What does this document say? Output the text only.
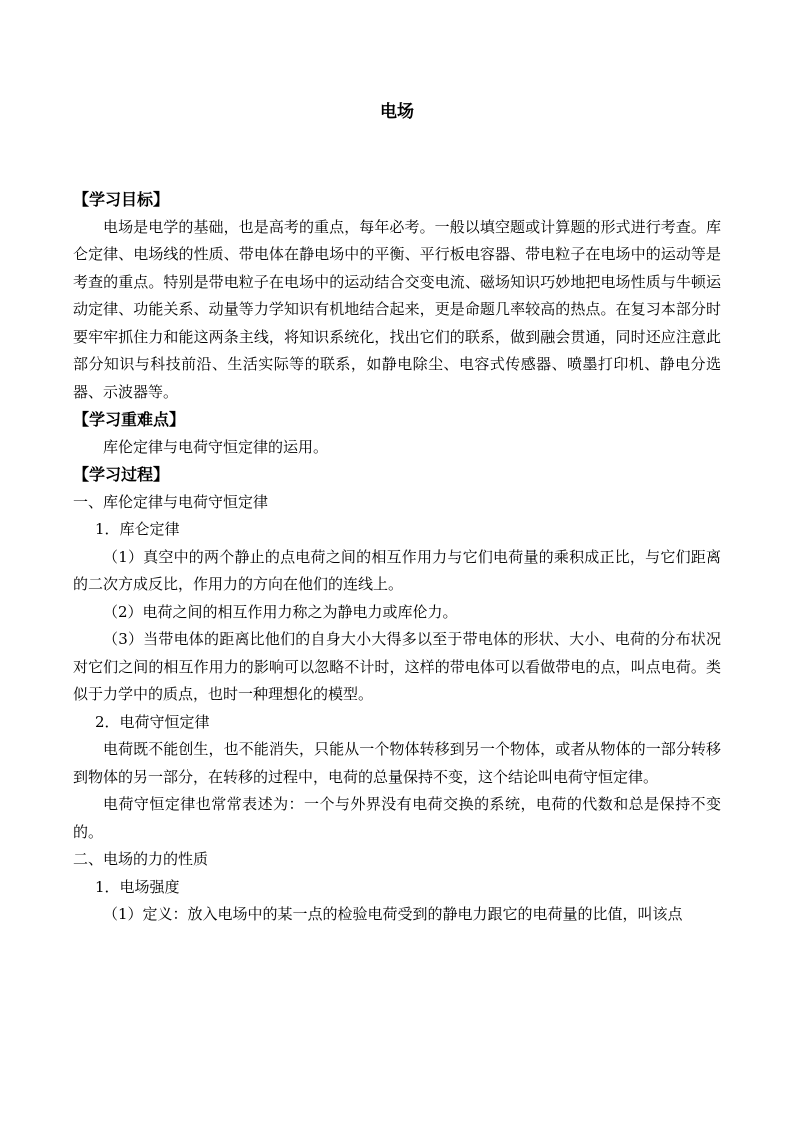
电场

【学习目标】

电场是电学的基础，也是高考的重点，每年必考。一般以填空题或计算题的形式进行考查。库仑定律、电场线的性质、带电体在静电场中的平衡、平行板电容器、带电粒子在电场中的运动等是考查的重点。特别是带电粒子在电场中的运动结合交变电流、磁场知识巧妙地把电场性质与牛顿运动定律、功能关系、动量等力学知识有机地结合起来，更是命题几率较高的热点。在复习本部分时要牢牢抓住力和能这两条主线，将知识系统化，找出它们的联系，做到融会贯通，同时还应注意此部分知识与科技前沿、生活实际等的联系，如静电除尘、电容式传感器、喷墨打印机、静电分选器、示波器等。

【学习重难点】

库伦定律与电荷守恒定律的运用。

【学习过程】

一、库伦定律与电荷守恒定律

1．库仑定律

（1）真空中的两个静止的点电荷之间的相互作用力与它们电荷量的乘积成正比，与它们距离的二次方成反比，作用力的方向在他们的连线上。

（2）电荷之间的相互作用力称之为静电力或库伦力。

（3）当带电体的距离比他们的自身大小大得多以至于带电体的形状、大小、电荷的分布状况对它们之间的相互作用力的影响可以忽略不计时，这样的带电体可以看做带电的点，叫点电荷。类似于力学中的质点，也时一种理想化的模型。

2．电荷守恒定律

电荷既不能创生，也不能消失，只能从一个物体转移到另一个物体，或者从物体的一部分转移到物体的另一部分，在转移的过程中，电荷的总量保持不变，这个结论叫电荷守恒定律。

电荷守恒定律也常常表述为：一个与外界没有电荷交换的系统，电荷的代数和总是保持不变的。

二、电场的力的性质

1．电场强度

（1）定义：放入电场中的某一点的检验电荷受到的静电力跟它的电荷量的比值，叫该点
